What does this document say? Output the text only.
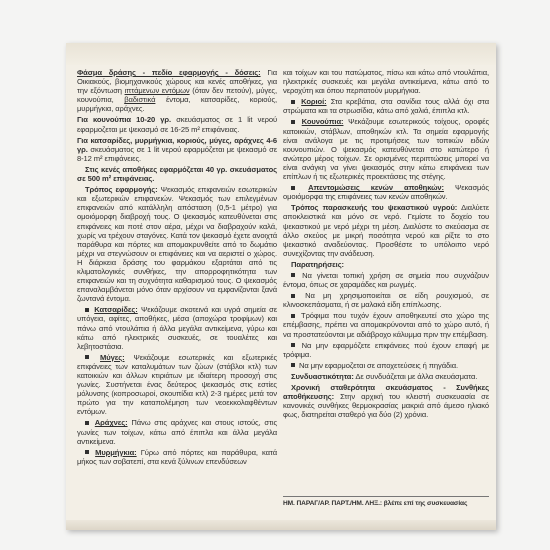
Φάσμα δράσης - πεδίο εφαρμογής - δόσεις: Για Οικιακούς, βιομηχανικούς χώρους και κενές αποθήκες, για την εξόντωση ιπτάμενων εντόμων (όταν δεν πετούν), μύγες, κουνούπια, βαδιστικά έντομα, κατσαρίδες, κοριούς, μυρμήγκια, αράχνες.

Για κουνούπια 10-20 γρ. σκευάσματος σε 1 lit νερού εφαρμοζεται με ψεκασμό σε 16-25 m² επιφάνειας.

Για κατσαρίδες, μυρμήγκια, κοριούς, μύγες, αράχνες 4-6 γρ. σκευάσματος σε 1 lit νερού εφαρμόζεται με ψεκασμό σε 8-12 m² επιφάνειες.

Στις κενές αποθήκες εφαρμόζεται 40 γρ. σκευάσματος σε 500 m² επιφάνειας.

Τρόπος εφαρμογής: Ψεκασμός επιφανειών εσωτερικών και εξωτερικών επιφανειών. Ψεκασμός των επιλεγμένων επιφανειών από κατάλληλη απόσταση (0,5-1 μέτρο) για ομοιόμορφη διαβροχή τους. Ο ψεκασμός κατευθύνεται στις επιφάνειες και ποτέ στον αέρα, μέχρι να διαβραχούν καλά, χωρίς να τρέχουν σταγόνες. Κατά τον ψεκασμό έχετε ανοιχτά παράθυρα και πόρτες και απομακρυνθείτε από το δωμάτιο μέχρι να στεγνώσουν οι επιφάνειες και να αεριστεί ο χώρος. Η διάρκεια δράσης του φαρμάκου εξαρτάται από τις κλιματολογικές συνθήκες, την απορροφητικότητα των επιφανειών και τη συχνότητα καθαρισμού τους. Ο ψεκασμός επαναλαμβάνεται μόνο όταν αρχίσουν να εμφανίζονται ξανά ζωντανά έντομα.

Κατσαρίδες: Ψεκάζουμε σκοτεινά και υγρά σημεία σε υπόγεια, αφίτες, αποθήκες, μέσα (αποχώρα τροφίμων) και πάνω από ντουλάπια ή άλλα μεγάλα αντικείμενα, γύρω και κάτω από ηλεκτρικές συσκευές, σε τουαλέτες και λεβητοστάσια.

Μύγες: Ψεκάζουμε εσωτερικές και εξωτερικές επιφάνειες των καταλυμάτων των ζώων (στάβλοι κτλ) των κατοικιών και άλλων κτιριάτων με ιδιαίτερη προσοχή στις γωνίες. Συστήνεται ένας δεύτερος ψεκασμός στις εστίες μόλυνσης (κοπροσωροί, σκουπίδια κτλ) 2-3 ημέρες μετά τον πρώτο για την καταπολέμηση των νεοεκκολαφθέντων εντόμων.

Αράχνες: Πάνω στις αράχνες και στους ιστούς, στις γωνίες των τοίχων, κάτω από έπιπλα και άλλα μεγάλα αντικείμενα.

Μυρμήγκια: Γύρω από πόρτες και παράθυρα, κατά μήκος των σοβατεπί, στα κενά ξύλινων επενδύσεων

και τοίχων και του πατώματος, πίσω και κάτω από ντουλάπια, ηλεκτρικές συσκευές και μεγάλα αντικείμενα, κάτω από το νεροχύτη και όπου περπατούν μυρμήγκια.

Κοριοί: Στα κρεβάτια, στα σανίδια τους αλλά όχι στα στρώματα και τα στρωσίδια, κάτω από χαλιά, έπιπλα κτλ.

Κουνούπια: Ψεκάζουμε εσωτερικούς τοίχους, οροφές κατοικιών, στάβλων, αποθηκών κτλ. Τα σημεία εφαρμογής είναι ανάλογα με τις προτιμήσεις των τοπικών ειδών κουνουπιών. Ο ψεκασμός κατευθύνεται στο κατώτερο ή ανώτερο μέρος τοίχων. Σε ορισμένες περιπτώσεις μπορεί να είναι ανάγκη να γίνει ψεκασμός στην κάτω επιφάνεια των επίπλων ή τις εξωτερικές προεκτάσεις της στέγης.

Απεντομώσεις κενών αποθηκών: Ψεκασμός ομοιόμορφα της επιφάνειες των κενών αποθηκών.

Τρόπος παρασκευής του ψεκαστικού υγρού: Διαλύετε αποκλειστικά και μόνο σε νερό. Γεμίστε το δοχείο του ψεκαστικού με νερό μέχρι τη μέση. Διαλύστε το σκεύασμα σε άλλο σκεύος με μικρή ποσότητα νερού και ρίξτε το στο ψεκαστικό αναδεύοντας. Προσθέστε το υπόλοιπο νερό συνεχίζοντας την ανάδευση.

Παρατηρήσεις:

Να γίνεται τοπική χρήση σε σημεία που συχνάζουν έντομα, όπως σε χαραμάδες και ρωγμές.

Να μη χρησιμοποιείται σε είδη ρουχισμού, σε κλινοσκεπάσματα, ή σε μαλακά είδη επίπλωσης.

Τρόφιμα που τυχόν έχουν αποθηκευτεί στο χώρο της επέμβασης, πρέπει να απομακρύνονται από το χώρο αυτό, ή να προστατεύονται με αδιάβροχο κάλυμμα πριν την επέμβαση.

Να μην εφαρμόζετε επιφάνειες πού έχουν επαφή με τρόφιμα.

Να μην εφαρμοζεται σε αποχετεύσεις ή πηγάδια.

Συνδυαστικότητα: Δε συνδυάζεται με άλλα σκευάσματα.

Χρονική σταθερότητα σκευάσματος - Συνθήκες αποθήκευσης: Στην αρχική του κλειστή συσκευασία σε κανονικές συνθήκες θερμοκρασίας μακριά από άμεσο ηλιακό φως, διατηρείται σταθερό για δύο (2) χρόνια.

ΗΜ. ΠΑΡΑΓ/ΑΡ. ΠΑΡΤ./ΗΜ. ΛΗΞ.: βλέπε επί της συσκευασίας
